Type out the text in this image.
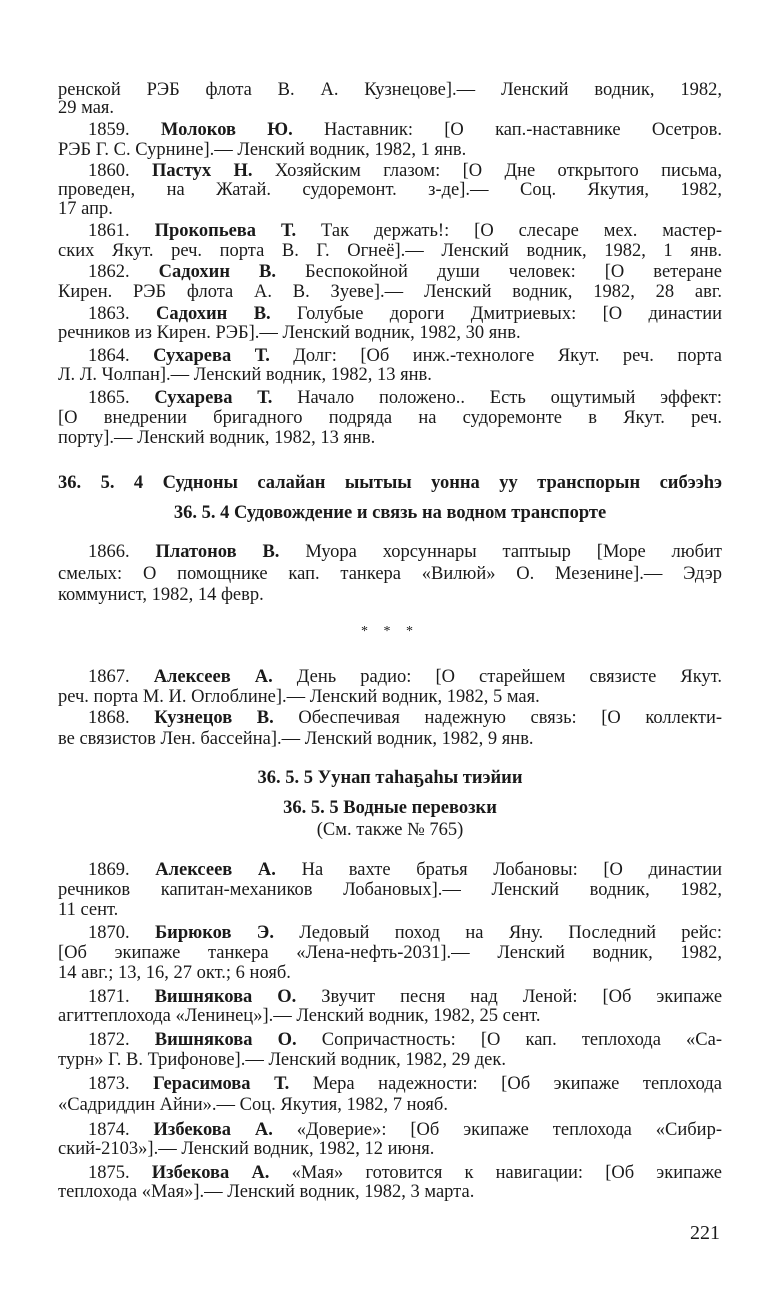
ренской РЭБ флота В. А. Кузнецове].— Ленский водник, 1982,
29 мая.
1859. Молоков Ю. Наставник: [О кап.-наставнике Осетров.
РЭБ Г. С. Сурнине].— Ленский водник, 1982, 1 янв.
1860. Пастух Н. Хозяйским глазом: [О Дне открытого письма,
проведен, на Жатай. судоремонт. з-де].— Соц. Якутия, 1982,
17 апр.
1861. Прокопьева Т. Так держать!: [О слесаре мех. мастер-
ских Якут. реч. порта В. Г. Огнеё].— Ленский водник, 1982, 1 янв.
1862. Садохин В. Беспокойной души человек: [О ветеране
Кирен. РЭБ флота А. В. Зуеве].— Ленский водник, 1982, 28 авг.
1863. Садохин В. Голубые дороги Дмитриевых: [О династии
речников из Кирен. РЭБ].— Ленский водник, 1982, 30 янв.
1864. Сухарева Т. Долг: [Об инж.-технологе Якут. реч. порта
Л. Л. Чолпан].— Ленский водник, 1982, 13 янв.
1865. Сухарева Т. Начало положено.. Есть ощутимый эффект:
[О внедрении бригадного подряда на судоремонте в Якут. реч.
порту].— Ленский водник, 1982, 13 янв.
36. 5. 4 Судноны салайан ыытыы уонна уу транспорын сибээһэ
36. 5. 4 Судовождение и связь на водном транспорте
1866. Платонов В. Муора хорсуннары таптыыр [Море любит
смелых: О помощнике кап. танкера «Вилюй» О. Мезенине].— Эдэр
коммунист, 1982, 14 февр.
* * *
1867. Алексеев А. День радио: [О старейшем связисте Якут.
реч. порта М. И. Оглоблине].— Ленский водник, 1982, 5 мая.
1868. Кузнецов В. Обеспечивая надежную связь: [О коллекти-
ве связистов Лен. бассейна].— Ленский водник, 1982, 9 янв.
36. 5. 5 Уунап таһаҕаһы тиэйии
36. 5. 5 Водные перевозки
(См. также № 765)
1869. Алексеев А. На вахте братья Лобановы: [О династии
речников капитан-механиков Лобановых].— Ленский водник, 1982,
11 сент.
1870. Бирюков Э. Ледовый поход на Яну. Последний рейс:
[Об экипаже танкера «Лена-нефть-2031].— Ленский водник, 1982,
14 авг.; 13, 16, 27 окт.; 6 нояб.
1871. Вишнякова О. Звучит песня над Леной: [Об экипаже
агиттеплохода «Ленинец»].— Ленский водник, 1982, 25 сент.
1872. Вишнякова О. Сопричастность: [О кап. теплохода «Са-
турн» Г. В. Трифонове].— Ленский водник, 1982, 29 дек.
1873. Герасимова Т. Мера надежности: [Об экипаже теплохода
«Садриддин Айни».— Соц. Якутия, 1982, 7 нояб.
1874. Избекова А. «Доверие»: [Об экипаже теплохода «Сибир-
ский-2103»].— Ленский водник, 1982, 12 июня.
1875. Избекова А. «Мая» готовится к навигации: [Об экипаже
теплохода «Мая»].— Ленский водник, 1982, 3 марта.
221
